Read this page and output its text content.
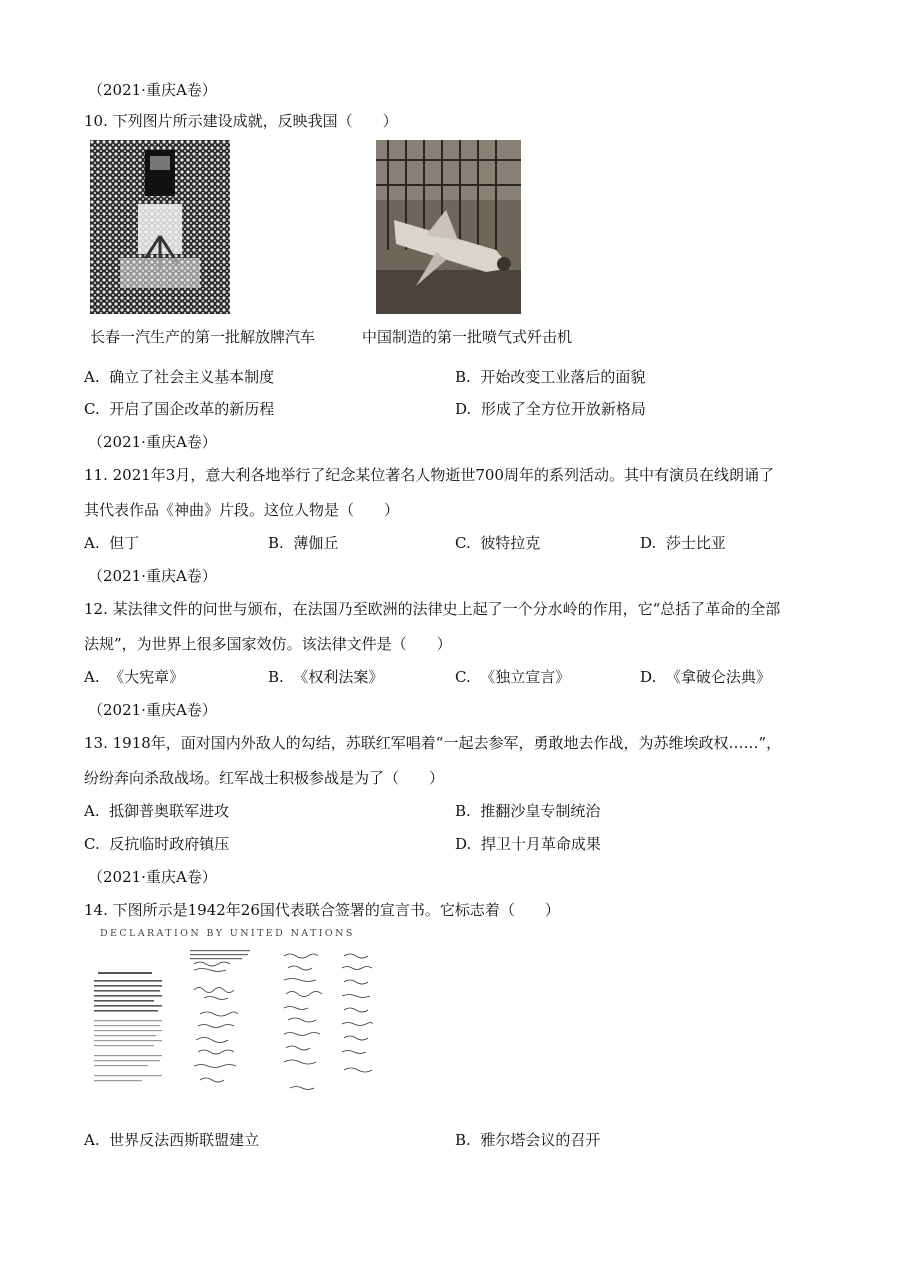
（2021·重庆A卷）
10. 下列图片所示建设成就，反映我国（　　）
长春一汽生产的第一批解放牌汽车	中国制造的第一批喷气式歼击机
A. 确立了社会主义基本制度	B. 开始改变工业落后的面貌
C. 开启了国企改革的新历程	D. 形成了全方位开放新格局
（2021·重庆A卷）
11. 2021年3月，意大利各地举行了纪念某位著名人物逝世700周年的系列活动。其中有演员在线朗诵了
其代表作品《神曲》片段。这位人物是（　　）
A. 但丁	B. 薄伽丘	C. 彼特拉克	D. 莎士比亚
（2021·重庆A卷）
12. 某法律文件的问世与颁布，在法国乃至欧洲的法律史上起了一个分水岭的作用，它“总括了革命的全部
法规”，为世界上很多国家效仿。该法律文件是（　　）
A. 《大宪章》	B. 《权利法案》	C. 《独立宣言》	D. 《拿破仑法典》
（2021·重庆A卷）
13. 1918年，面对国内外敌人的勾结，苏联红军唱着“一起去参军，勇敢地去作战，为苏维埃政权……”，
纷纷奔向杀敌战场。红军战士积极参战是为了（　　）
A. 抵御普奥联军进攻	B. 推翻沙皇专制统治
C. 反抗临时政府镇压	D. 捍卫十月革命成果
（2021·重庆A卷）
14. 下图所示是1942年26国代表联合签署的宣言书。它标志着（　　）
DECLARATION BY UNITED NATIONS
A. 世界反法西斯联盟建立	B. 雅尔塔会议的召开
